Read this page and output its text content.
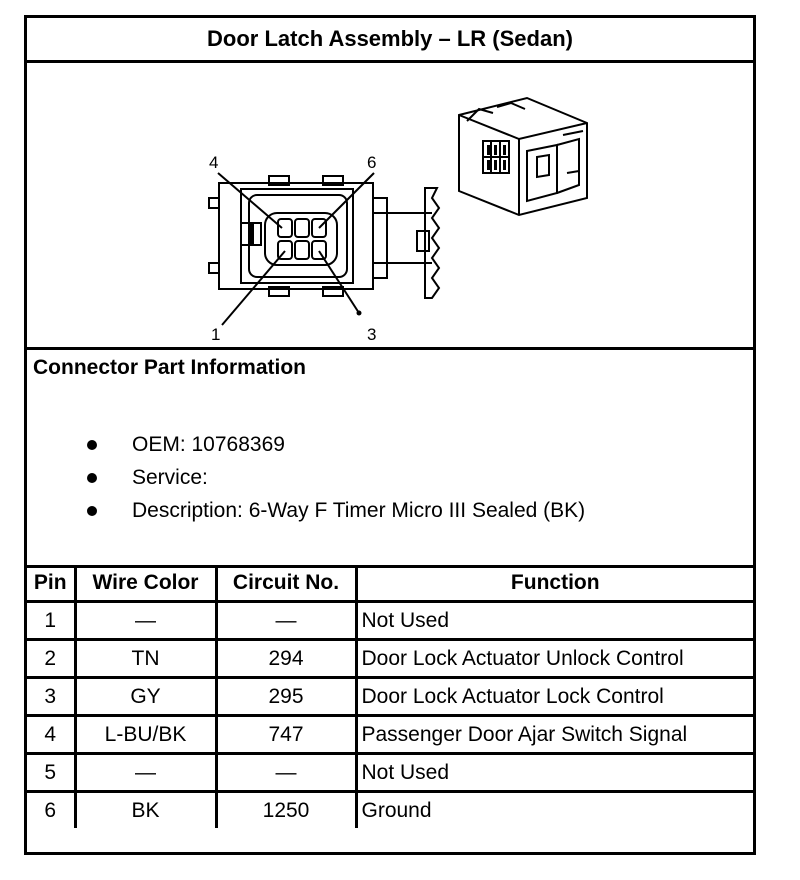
Door Latch Assembly – LR (Sedan)
4	6
1	3
Connector Part Information
OEM: 10768369
Service:
Description: 6-Way F Timer Micro III Sealed (BK)
Pin	Wire Color	Circuit No.	Function
1	—	—	Not Used
2	TN	294	Door Lock Actuator Unlock Control
3	GY	295	Door Lock Actuator Lock Control
4	L-BU/BK	747	Passenger Door Ajar Switch Signal
5	—	—	Not Used
6	BK	1250	Ground
